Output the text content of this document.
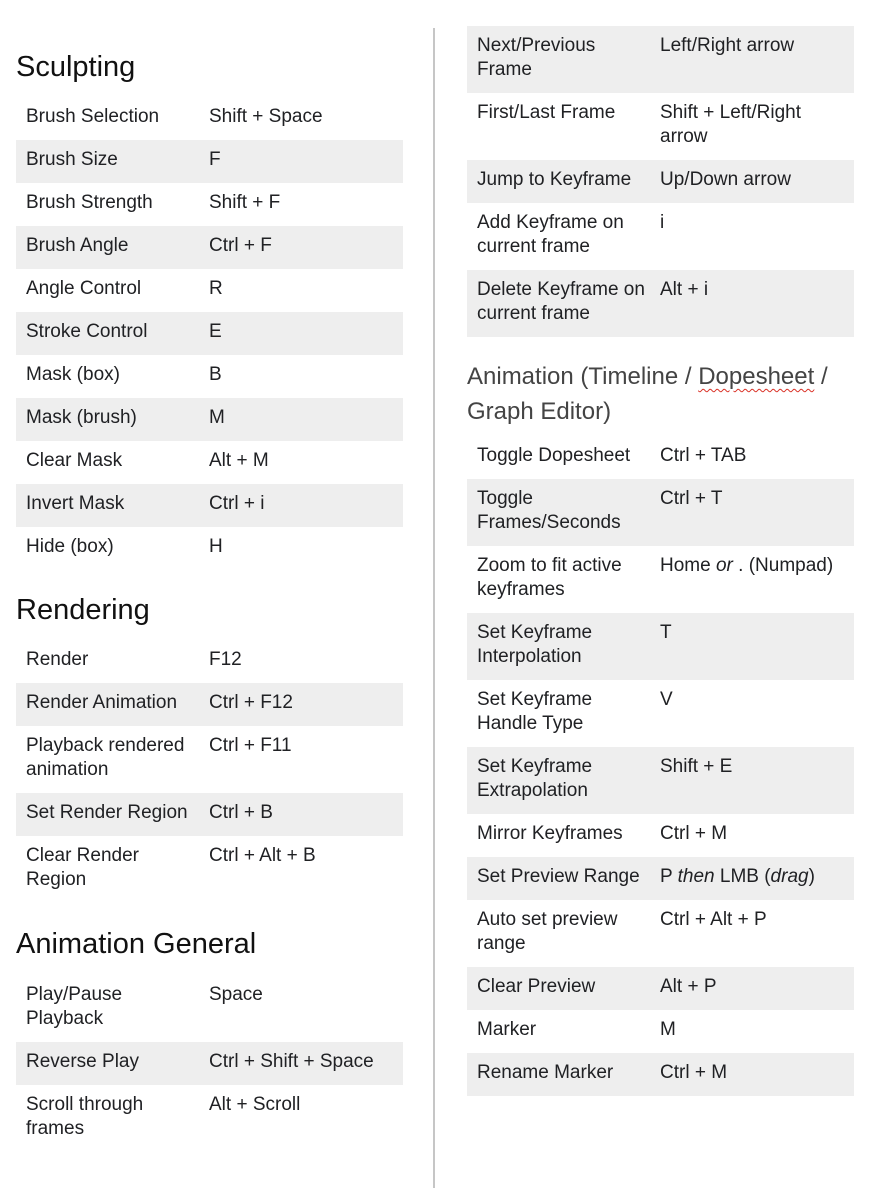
Sculpting
Brush Selection	Shift + Space
Brush Size	F
Brush Strength	Shift + F
Brush Angle	Ctrl + F
Angle Control	R
Stroke Control	E
Mask (box)	B
Mask (brush)	M
Clear Mask	Alt + M
Invert Mask	Ctrl + i
Hide (box)	H
Rendering
Render	F12
Render Animation	Ctrl + F12
Playback rendered animation	Ctrl + F11
Set Render Region	Ctrl + B
Clear Render Region	Ctrl + Alt + B
Animation General
Play/Pause Playback	Space
Reverse Play	Ctrl + Shift + Space
Scroll through frames	Alt + Scroll
Next/Previous Frame	Left/Right arrow
First/Last Frame	Shift + Left/Right arrow
Jump to Keyframe	Up/Down arrow
Add Keyframe on current frame	i
Delete Keyframe on current frame	Alt + i
Animation (Timeline / Dopesheet / Graph Editor)
Toggle Dopesheet	Ctrl + TAB
Toggle Frames/Seconds	Ctrl + T
Zoom to fit active keyframes	Home or . (Numpad)
Set Keyframe Interpolation	T
Set Keyframe Handle Type	V
Set Keyframe Extrapolation	Shift + E
Mirror Keyframes	Ctrl + M
Set Preview Range	P then LMB (drag)
Auto set preview range	Ctrl + Alt + P
Clear Preview	Alt + P
Marker	M
Rename Marker	Ctrl + M
